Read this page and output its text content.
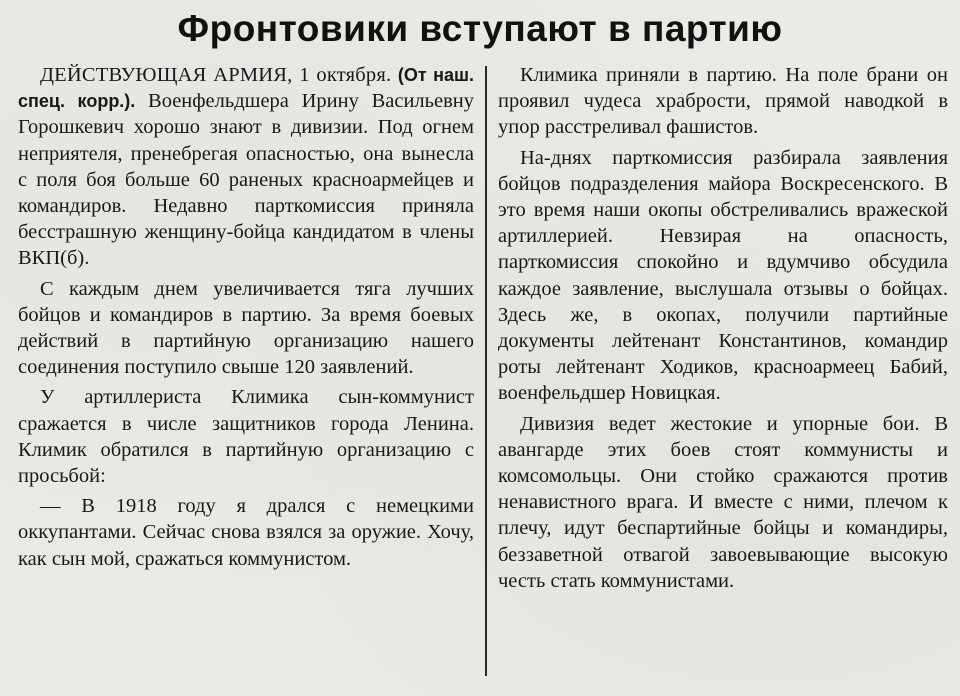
Фронтовики вступают в партию

ДЕЙСТВУЮЩАЯ АРМИЯ, 1 октября. (От наш. спец. корр.). Военфельдшера Ирину Васильевну Горошкевич хорошо знают в дивизии. Под огнем неприятеля, пренебрегая опасностью, она вынесла с поля боя больше 60 раненых красноармейцев и командиров. Недавно парткомиссия приняла бесстрашную женщину-бойца кандидатом в члены ВКП(б).

С каждым днем увеличивается тяга лучших бойцов и командиров в партию. За время боевых действий в партийную организацию нашего соединения поступило свыше 120 заявлений.

У артиллериста Климика сын-коммунист сражается в числе защитников города Ленина. Климик обратился в партийную организацию с просьбой:

— В 1918 году я дрался с немецкими оккупантами. Сейчас снова взялся за оружие. Хочу, как сын мой, сражаться коммунистом.

Климика приняли в партию. На поле брани он проявил чудеса храбрости, прямой наводкой в упор расстреливал фашистов.

На-днях парткомиссия разбирала заявления бойцов подразделения майора Воскресенского. В это время наши окопы обстреливались вражеской артиллерией. Невзирая на опасность, парткомиссия спокойно и вдумчиво обсудила каждое заявление, выслушала отзывы о бойцах. Здесь же, в окопах, получили партийные документы лейтенант Константинов, командир роты лейтенант Ходиков, красноармеец Бабий, военфельдшер Новицкая.

Дивизия ведет жестокие и упорные бои. В авангарде этих боев стоят коммунисты и комсомольцы. Они стойко сражаются против ненавистного врага. И вместе с ними, плечом к плечу, идут беспартийные бойцы и командиры, беззаветной отвагой завоевывающие высокую честь стать коммунистами.
